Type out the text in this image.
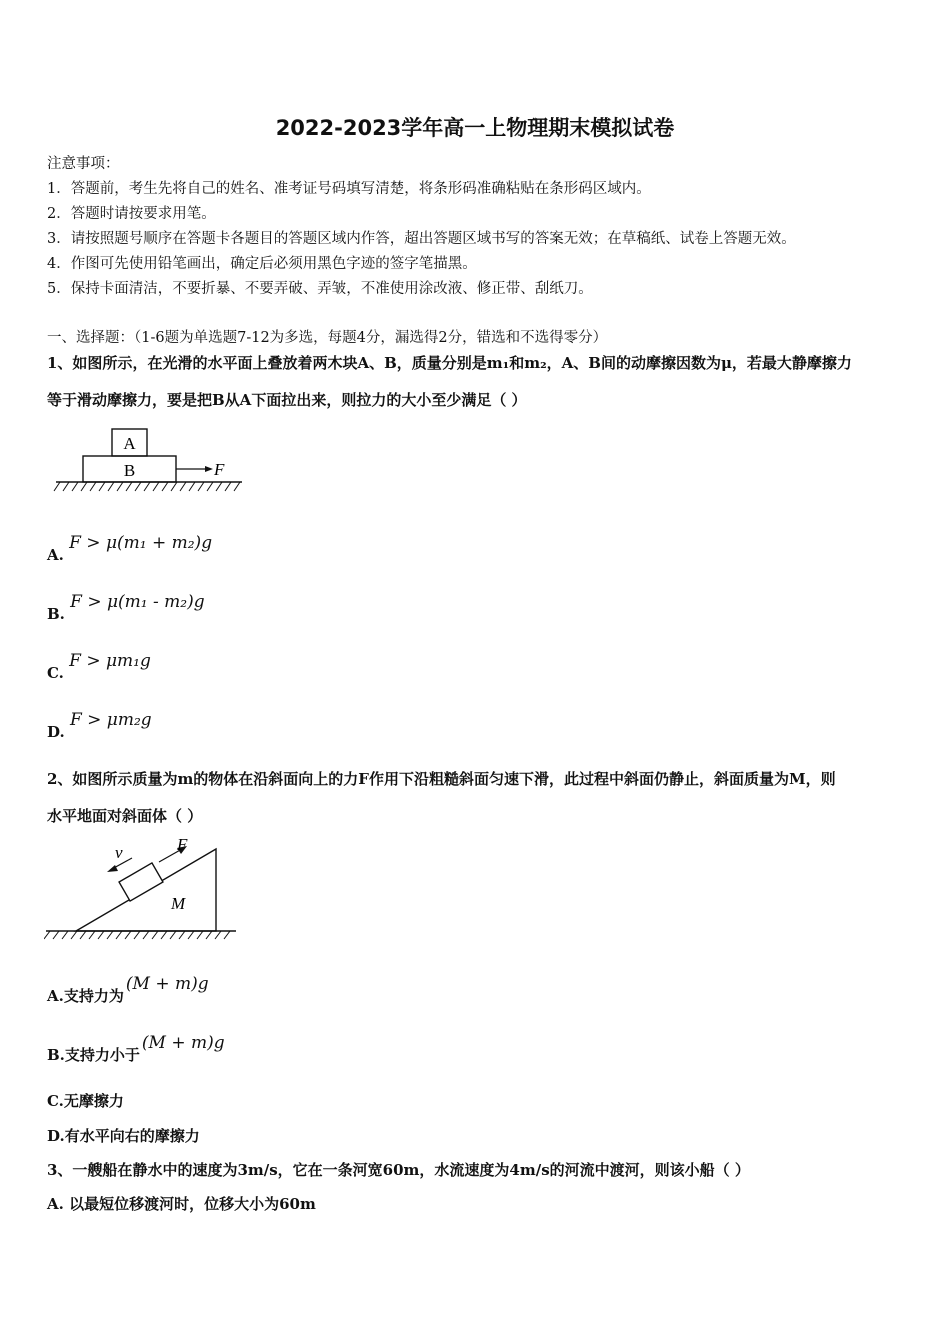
2022-2023学年高一上物理期末模拟试卷
注意事项：
1．答题前，考生先将自己的姓名、准考证号码填写清楚，将条形码准确粘贴在条形码区域内。
2．答题时请按要求用笔。
3．请按照题号顺序在答题卡各题目的答题区域内作答，超出答题区域书写的答案无效；在草稿纸、试卷上答题无效。
4．作图可先使用铅笔画出，确定后必须用黑色字迹的签字笔描黑。
5．保持卡面清洁，不要折暴、不要弄破、弄皱，不准使用涂改液、修正带、刮纸刀。
一、选择题：（1-6题为单选题7-12为多选，每题4分，漏选得2分，错选和不选得零分）
1、如图所示，在光滑的水平面上叠放着两木块A、B，质量分别是m₁和m₂，A、B间的动摩擦因数为μ，若最大静摩擦力
等于滑动摩擦力，要是把B从A下面拉出来，则拉力的大小至少满足（ ）
A
B	F
A. F > μ(m₁ + m₂)g
B. F > μ(m₁ - m₂)g
C. F > μm₁g
D. F > μm₂g
2、如图所示质量为m的物体在沿斜面向上的力F作用下沿粗糙斜面匀速下滑，此过程中斜面仍静止，斜面质量为M，则
水平地面对斜面体（ ）
F
v
M
A.支持力为(M + m)g
B.支持力小于(M + m)g
C.无摩擦力
D.有水平向右的摩擦力
3、一艘船在静水中的速度为3m/s，它在一条河宽60m，水流速度为4m/s的河流中渡河，则该小船（ ）
A. 以最短位移渡河时，位移大小为60m
